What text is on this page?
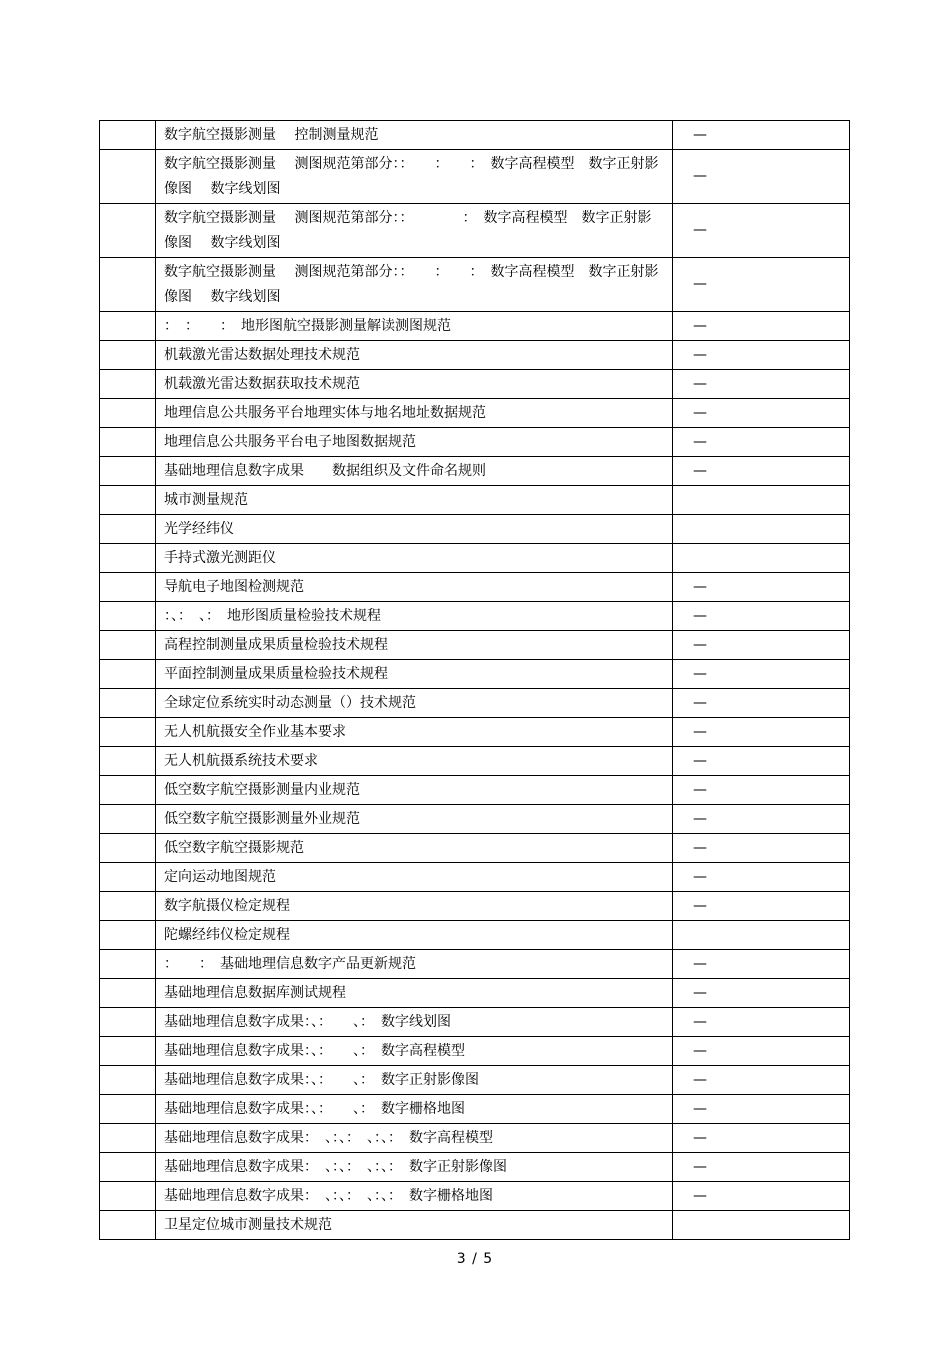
	数字航空摄影测量　 控制测量规范	—
	数字航空摄影测量　 测图规范第部分：：　　：　　：　数字高程模型　数字正射影像图　 数字线划图	—
	数字航空摄影测量　 测图规范第部分：：　　　　：　数字高程模型　数字正射影像图　 数字线划图	—
	数字航空摄影测量　 测图规范第部分：：　　：　　：　数字高程模型　数字正射影像图　 数字线划图	—
	：　：　　：　地形图航空摄影测量解读测图规范	—
	机载激光雷达数据处理技术规范	—
	机载激光雷达数据获取技术规范	—
	地理信息公共服务平台地理实体与地名地址数据规范	—
	地理信息公共服务平台电子地图数据规范	—
	基础地理信息数字成果　　数据组织及文件命名规则	—
	城市测量规范	
	光学经纬仪	
	手持式激光测距仪	
	导航电子地图检测规范	—
	：、：　、：　地形图质量检验技术规程	—
	高程控制测量成果质量检验技术规程	—
	平面控制测量成果质量检验技术规程	—
	全球定位系统实时动态测量（）技术规范	—
	无人机航摄安全作业基本要求	—
	无人机航摄系统技术要求	—
	低空数字航空摄影测量内业规范	—
	低空数字航空摄影测量外业规范	—
	低空数字航空摄影规范	—
	定向运动地图规范	—
	数字航摄仪检定规程	—
	陀螺经纬仪检定规程	
	：　　：　基础地理信息数字产品更新规范	—
	基础地理信息数据库测试规程	—
	基础地理信息数字成果：、：　　、：　数字线划图	—
	基础地理信息数字成果：、：　　、：　数字高程模型	—
	基础地理信息数字成果：、：　　、：　数字正射影像图	—
	基础地理信息数字成果：、：　　、：　数字栅格地图	—
	基础地理信息数字成果：　、：、：　、：、：　数字高程模型	—
	基础地理信息数字成果：　、：、：　、：、：　数字正射影像图	—
	基础地理信息数字成果：　、：、：　、：、：　数字栅格地图	—
	卫星定位城市测量技术规范	
3 / 5
